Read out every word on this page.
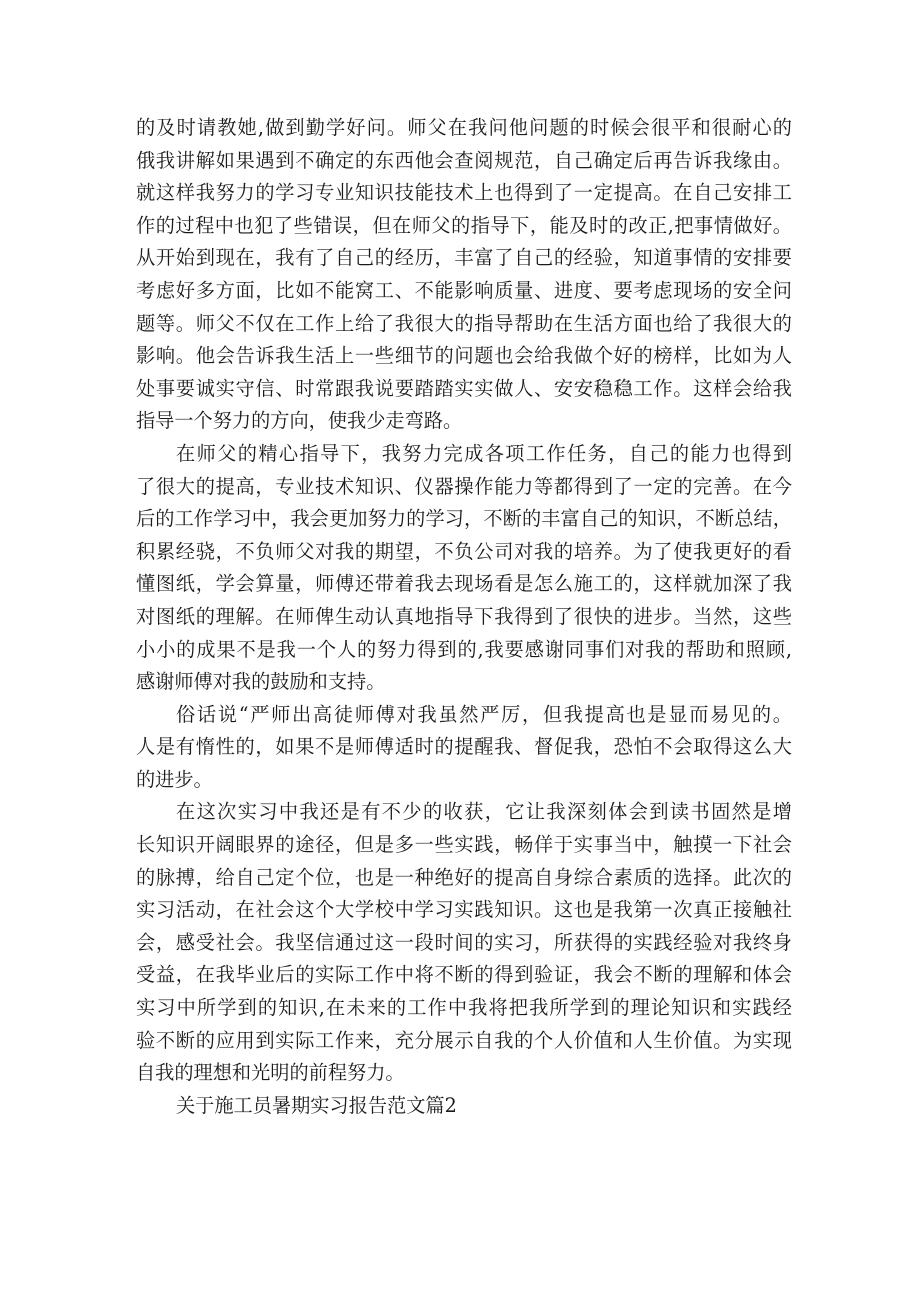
的及时请教她,做到勤学好问。师父在我问他问题的时候会很平和很耐心的
俄我讲解如果遇到不确定的东西他会查阅规范，自己确定后再告诉我缘由。
就这样我努力的学习专业知识技能技术上也得到了一定提高。在自己安排工
作的过程中也犯了些错误，但在师父的指导下，能及时的改正,把事情做好。
从开始到现在，我有了自己的经历，丰富了自己的经验，知道事情的安排要
考虑好多方面，比如不能窝工、不能影响质量、进度、要考虑现场的安全问
题等。师父不仅在工作上给了我很大的指导帮助在生活方面也给了我很大的
影响。他会告诉我生活上一些细节的问题也会给我做个好的榜样，比如为人
处事要诚实守信、时常跟我说要踏踏实实做人、安安稳稳工作。这样会给我
指导一个努力的方向，使我少走弯路。

在师父的精心指导下，我努力完成各项工作任务，自己的能力也得到
了很大的提高，专业技术知识、仪器操作能力等都得到了一定的完善。在今
后的工作学习中，我会更加努力的学习，不断的丰富自己的知识，不断总结，
积累经骁，不负师父对我的期望，不负公司对我的培养。为了使我更好的看
懂图纸，学会算量，师傅还带着我去现场看是怎么施工的，这样就加深了我
对图纸的理解。在师俾生动认真地指导下我得到了很快的进步。当然，这些
小小的成果不是我一个人的努力得到的,我要感谢同事们对我的帮助和照顾,
感谢师傅对我的鼓励和支持。

俗话说“严师出高徒师傅对我虽然严厉，但我提高也是显而易见的。
人是有惰性的，如果不是师傅适时的提醒我、督促我，恐怕不会取得这么大
的进步。

在这次实习中我还是有不少的收获，它让我深刻体会到读书固然是增
长知识开阔眼界的途径，但是多一些实践，畅佯于实事当中，触摸一下社会
的脉搏，给自己定个位，也是一种绝好的提高自身综合素质的选择。此次的
实习活动，在社会这个大学校中学习实践知识。这也是我第一次真正接触社
会，感受社会。我坚信通过这一段时间的实习，所获得的实践经验对我终身
受益，在我毕业后的实际工作中将不断的得到验证，我会不断的理解和体会
实习中所学到的知识,在未来的工作中我将把我所学到的理论知识和实践经
验不断的应用到实际工作来，充分展示自我的个人价值和人生价值。为实现
自我的理想和光明的前程努力。

关于施工员暑期实习报告范文篇2
